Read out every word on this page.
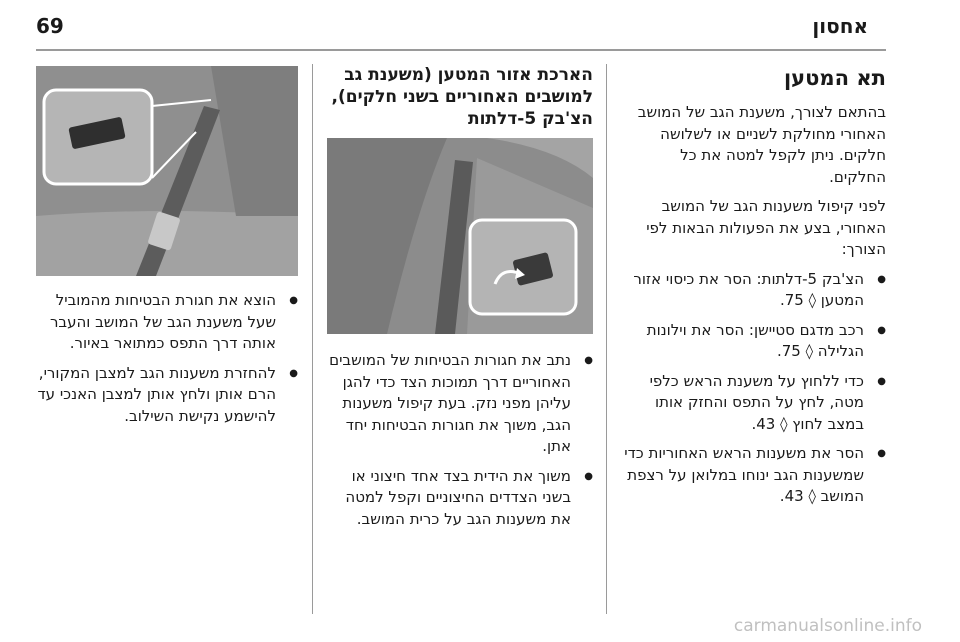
69	אחסון
תא המטען

בהתאם לצורך, משענת הגב של המושב האחורי מחולקת לשניים או לשלושה חלקים. ניתן לקפל למטה את כל החלקים.

לפני קיפול משענות הגב של המושב האחורי, בצע את הפעולות הבאות לפי הצורך:

● הצ'בק 5-דלתות: הסר את כיסוי אזור המטען ◊ 75.
● רכב מדגם סטיישן: הסר את וילונות הגלילה ◊ 75.
● כדי ללחוץ על משענת הראש כלפי מטה, לחץ על התפס והחזק אותו במצב לחוץ ◊ 43.
● הסר את משענות הראש האחוריות כדי שמשענות הגב ינוחו במלואן על רצפת המושב ◊ 43.
הארכת אזור המטען (משענת גב למושבים האחוריים בשני חלקים), הצ'בק 5-דלתות
● נתב את חגורות הבטיחות של המושבים האחוריים דרך תמוכות הצד כדי להגן עליהן מפני נזק. בעת קיפול משענות הגב, משוך את חגורות הבטיחות יחד אתן.
● משוך את הידית בצד אחד חיצוני או בשני הצדדים החיצוניים וקפל למטה את משענות הגב על כרית המושב.
● הוצא את חגורת הבטיחות מהמוביל שעל משענת הגב של המושב והעבר אותה דרך התפס כמתואר באיור.
● להחזרת משענות הגב למצבן המקורי, הרם אותן ולחץ אותן למצבן האנכי עד להישמע נקישת השילוב.
carmanualsonline.info
